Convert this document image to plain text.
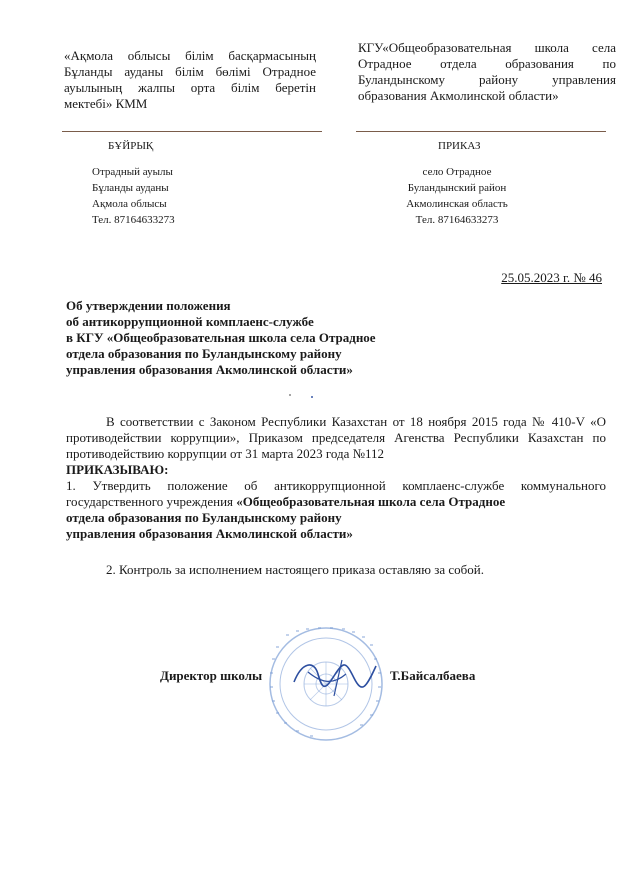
«Ақмола облысы білім басқармасының Бұланды ауданы білім бөлімі Отрадное ауылының жалпы орта білім беретін мектебі» КММ
КГУ«Общеобразовательная школа села Отрадное отдела образования по Буландынскому району управления образования Акмолинской области»
БҰЙРЫҚ	ПРИКАЗ
Отрадный ауылы
Бұланды ауданы
Ақмола облысы
Тел. 87164633273
село Отрадное
Буландынский район
Акмолинская область
Тел. 87164633273
25.05.2023 г. № 46
Об утверждении положения
об антикоррупционной комплаенс-службе
в КГУ «Общеобразовательная школа села Отрадное
отдела образования по Буландынскому району
управления образования Акмолинской области»
В соответствии с Законом Республики Казахстан от 18 ноября 2015 года № 410-V «О противодействии коррупции», Приказом председателя Агенства Республики Казахстан по противодействию коррупции от 31 марта 2023 года №112
ПРИКАЗЫВАЮ:
1. Утвердить положение об антикоррупционной комплаенс-службе коммунального государственного учреждения «Общеобразовательная школа села Отрадное
отдела образования по Буландынскому району
управления образования Акмолинской области»
2. Контроль за исполнением настоящего приказа оставляю за собой.
Директор школы	Т.Байсалбаева
